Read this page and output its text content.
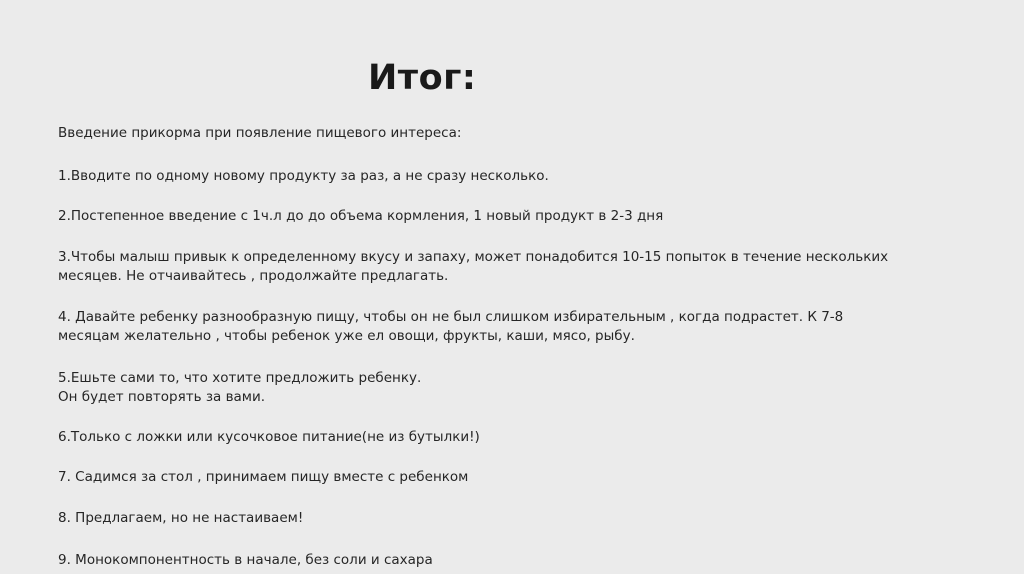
Итог:

Введение прикорма при появление пищевого интереса:

1.Вводите по одному новому продукту за раз, а не сразу несколько.

2.Постепенное введение с 1ч.л до до объема кормления, 1 новый продукт в 2-3 дня

3.Чтобы малыш привык к определенному вкусу и запаху, может понадобится 10-15 попыток в течение нескольких
месяцев. Не отчаивайтесь , продолжайте предлагать.

4. Давайте ребенку разнообразную пищу, чтобы он не был слишком избирательным , когда подрастет. К 7-8
месяцам желательно , чтобы ребенок уже ел овощи, фрукты, каши, мясо, рыбу.

5.Ешьте сами то, что хотите предложить ребенку.
Он будет повторять за вами.

6.Только с ложки или кусочковое питание(не из бутылки!)

7. Садимся за стол , принимаем пищу вместе с ребенком

8. Предлагаем, но не настаиваем!

9. Монокомпонентность в начале, без соли и сахара
